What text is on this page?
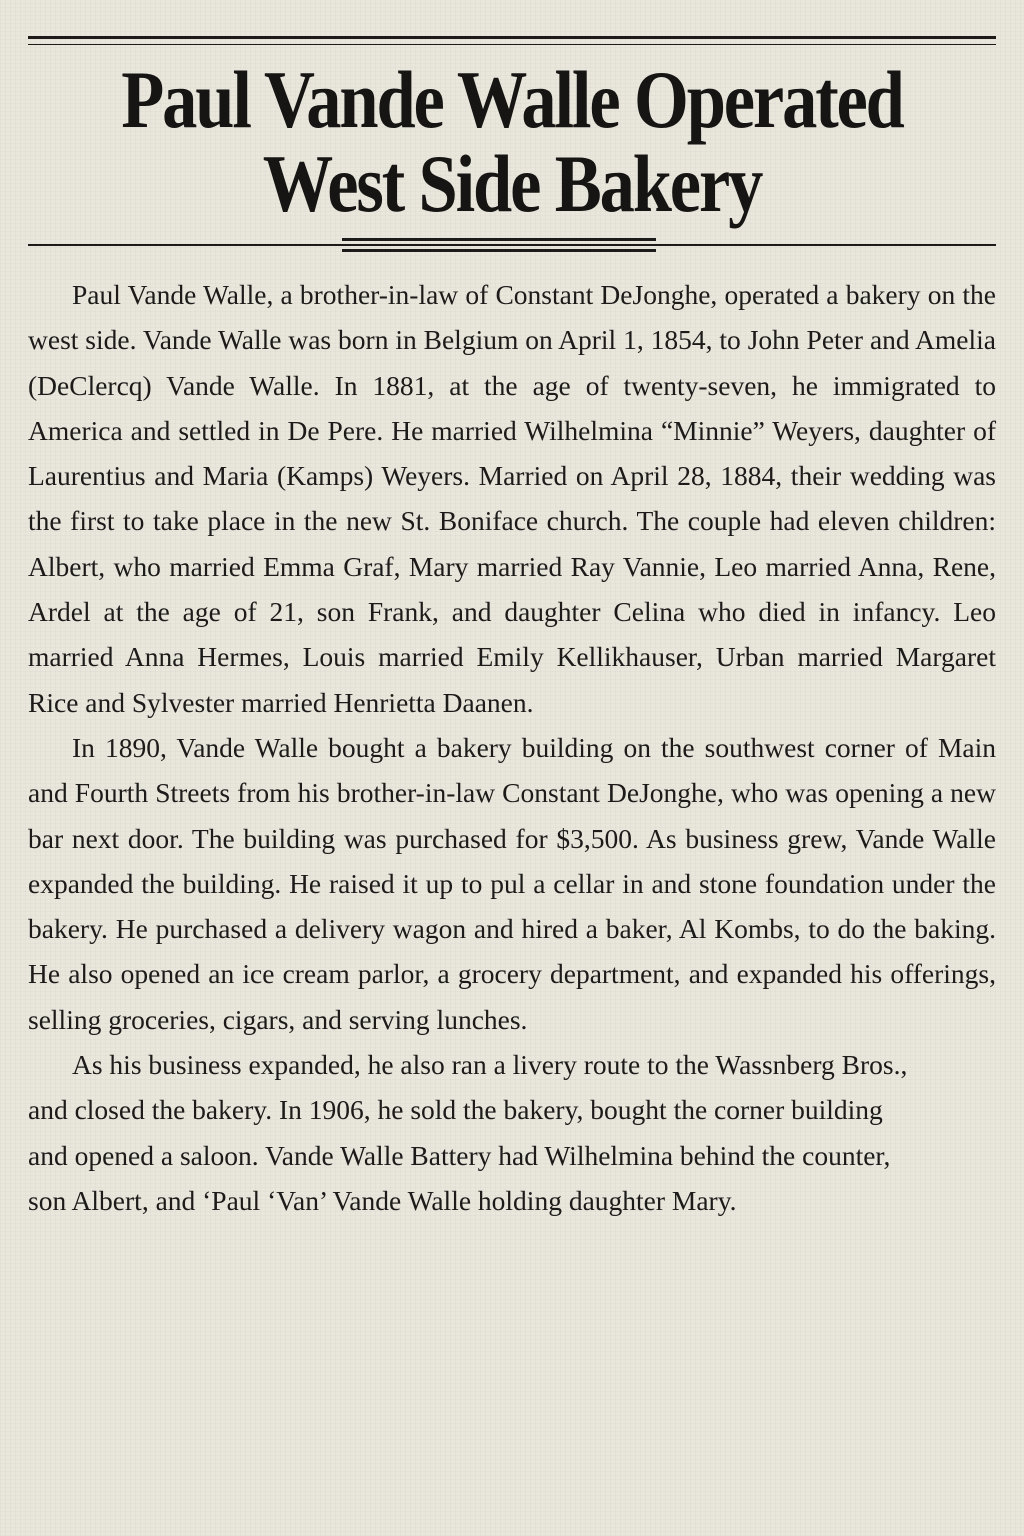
Paul Vande Walle Operated
West Side Bakery

Paul Vande Walle, a brother-in-law of Constant DeJonghe, operated a bakery on the west side. Vande Walle was born in Belgium on April 1, 1854, to John Peter and Amelia (DeClercq) Vande Walle. In 1881, at the age of twenty-seven, he immigrated to America and settled in De Pere. He married Wilhelmina “Minnie” Weyers, daughter of Laurentius and Maria (Kamps) Weyers. Married on April 28, 1884, their wedding was the first to take place in the new St. Boniface church. The couple had eleven children: Albert, who married Emma Graf, Mary married Ray Vannie, Leo married Anna, Rene, Ardel at the age of 21, son Frank, and daughter Celina who died in infancy. Leo married Anna Hermes, Louis married Emily Kellikhauser, Urban married Margaret Rice and Sylvester married Henrietta Daanen.

In 1890, Vande Walle bought a bakery building on the southwest corner of Main and Fourth Streets from his brother-in-law Constant DeJonghe, who was opening a new bar next door. The building was purchased for $3,500. As business grew, Vande Walle expanded the building. He raised it up to pul a cellar in and stone foundation under the bakery. He purchased a delivery wagon and hired a baker, Al Kombs, to do the baking. He also opened an ice cream parlor, a grocery department, and expanded his offerings, selling groceries, cigars, and serving lunches.

As his business expanded, he also ran a livery route to the Wassnberg Bros., and closed the bakery. In 1906, he sold the bakery, bought the corner building and opened a saloon. Vande Walle Battery had Wilhelmina behind the counter, son Albert, and ‘Paul ‘Van’ Vande Walle holding daughter Mary.
